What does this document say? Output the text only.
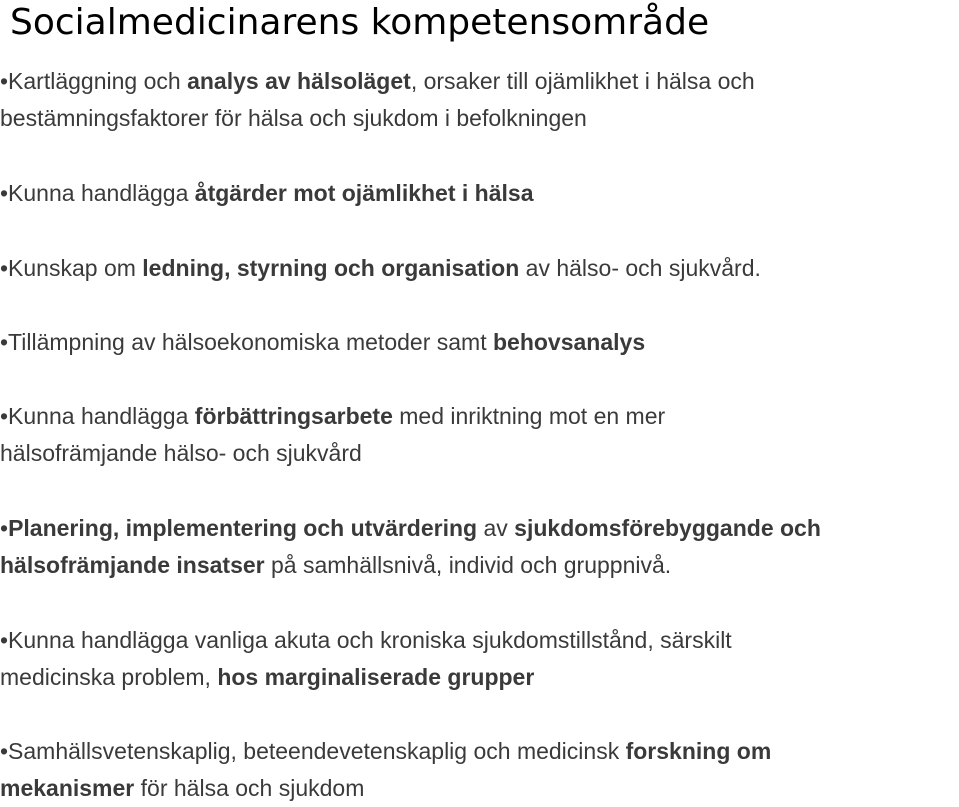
Socialmedicinarens kompetensområde
•Kartläggning och analys av hälsoläget, orsaker till ojämlikhet i hälsa och
bestämningsfaktorer för hälsa och sjukdom i befolkningen
•Kunna handlägga åtgärder mot ojämlikhet i hälsa
•Kunskap om ledning, styrning och organisation av hälso- och sjukvård.
•Tillämpning av hälsoekonomiska metoder samt behovsanalys
•Kunna handlägga förbättringsarbete med inriktning mot en mer
hälsofrämjande hälso- och sjukvård
•Planering, implementering och utvärdering av sjukdomsförebyggande och
hälsofrämjande insatser på samhällsnivå, individ och gruppnivå.
•Kunna handlägga vanliga akuta och kroniska sjukdomstillstånd, särskilt
medicinska problem, hos marginaliserade grupper
•Samhällsvetenskaplig, beteendevetenskaplig och medicinsk forskning om
mekanismer för hälsa och sjukdom
